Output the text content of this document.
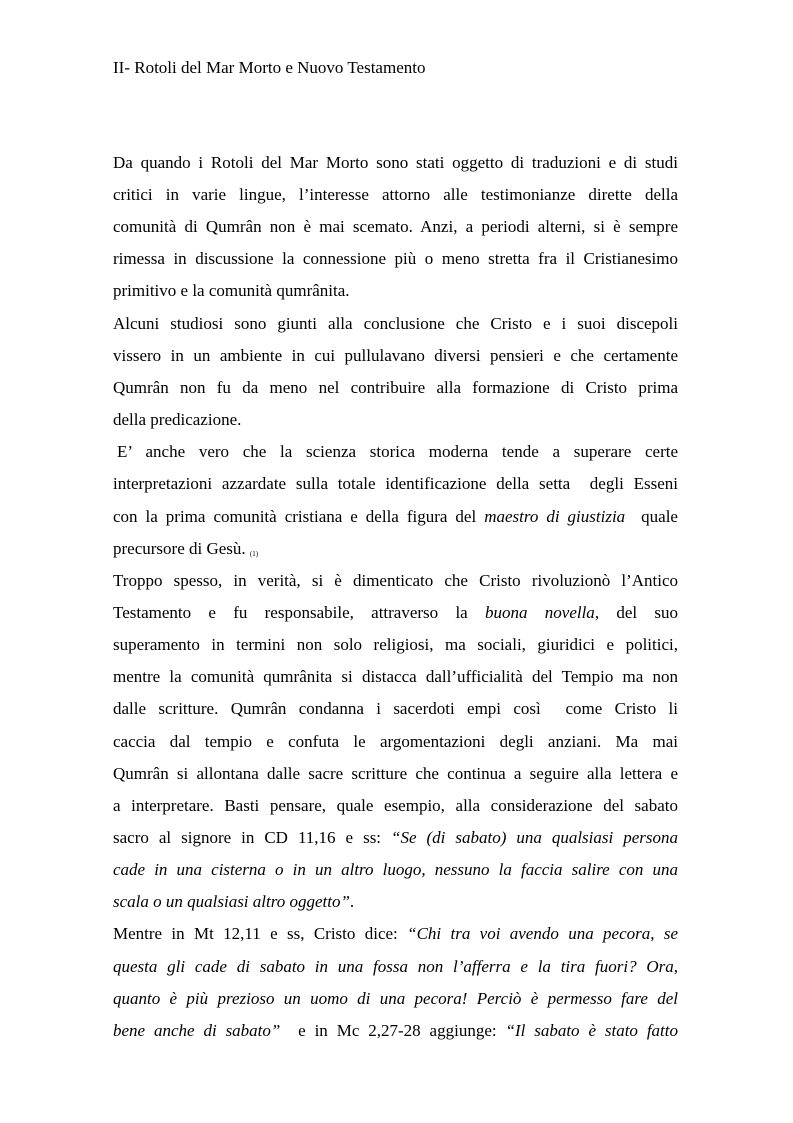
II- Rotoli del Mar Morto e Nuovo Testamento
Da quando i Rotoli del Mar Morto sono stati oggetto di traduzioni e di studi
critici in varie lingue, l’interesse attorno alle testimonianze dirette della
comunità di Qumrân non è mai scemato. Anzi, a periodi alterni, si è sempre
rimessa in discussione la connessione più o meno stretta fra il Cristianesimo
primitivo e la comunità qumrânita.
Alcuni studiosi sono giunti alla conclusione che Cristo e i suoi discepoli
vissero in un ambiente in cui pullulavano diversi pensieri e che certamente
Qumrân non fu da meno nel contribuire alla formazione di Cristo prima
della predicazione.
E’ anche vero che la scienza storica moderna tende a superare certe
interpretazioni azzardate sulla totale identificazione della setta  degli Esseni
con la prima comunità cristiana e della figura del maestro di giustizia  quale
precursore di Gesù. (1)
Troppo spesso, in verità, si è dimenticato che Cristo rivoluzionò l’Antico
Testamento e fu responsabile, attraverso la buona novella, del suo
superamento in termini non solo religiosi, ma sociali, giuridici e politici,
mentre la comunità qumrânita si distacca dall’ufficialità del Tempio ma non
dalle scritture. Qumrân condanna i sacerdoti empi così  come Cristo li
caccia dal tempio e confuta le argomentazioni degli anziani. Ma mai
Qumrân si allontana dalle sacre scritture che continua a seguire alla lettera e
a interpretare. Basti pensare, quale esempio, alla considerazione del sabato
sacro al signore in CD 11,16 e ss: “Se (di sabato) una qualsiasi persona
cade in una cisterna o in un altro luogo, nessuno la faccia salire con una
scala o un qualsiasi altro oggetto”.
Mentre in Mt 12,11 e ss, Cristo dice: “Chi tra voi avendo una pecora, se
questa gli cade di sabato in una fossa non l’afferra e la tira fuori? Ora,
quanto è più prezioso un uomo di una pecora! Perciò è permesso fare del
bene anche di sabato”  e in Mc 2,27-28 aggiunge: “Il sabato è stato fatto
